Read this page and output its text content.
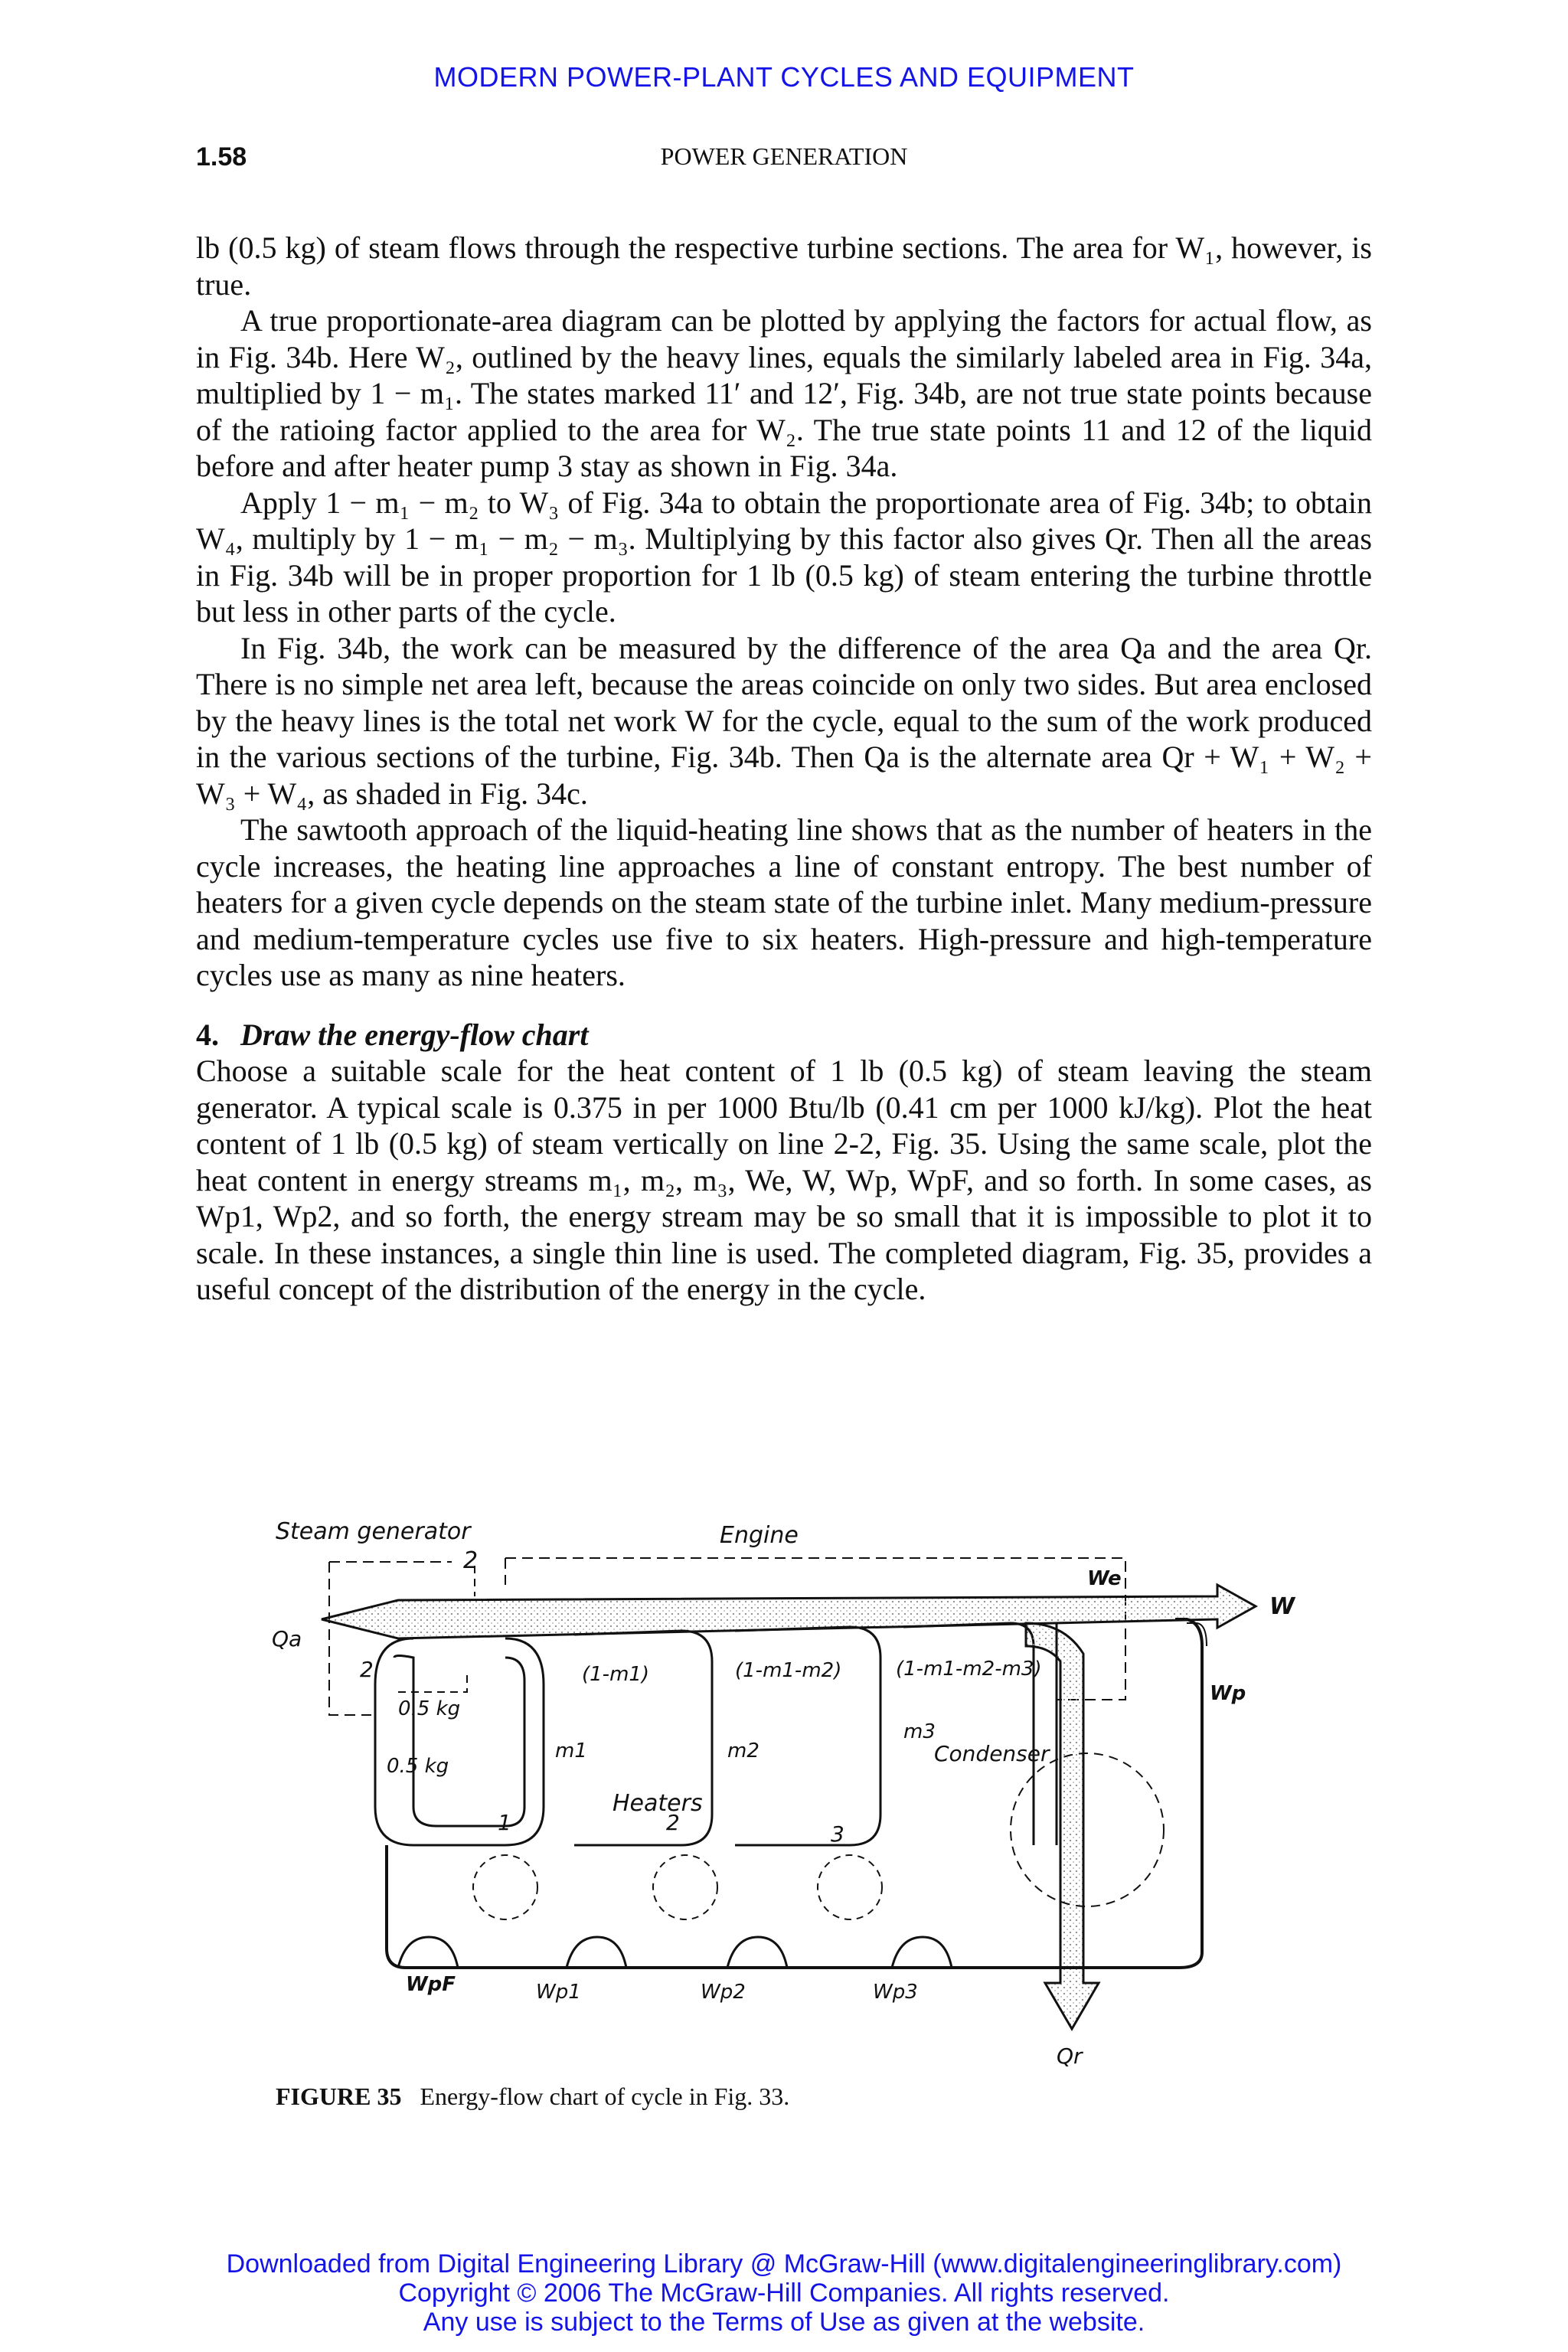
MODERN POWER-PLANT CYCLES AND EQUIPMENT
1.58	POWER GENERATION

lb (0.5 kg) of steam flows through the respective turbine sections. The area for W₁, however, is true.

A true proportionate-area diagram can be plotted by applying the factors for actual flow, as in Fig. 34b. Here W₂, outlined by the heavy lines, equals the similarly labeled area in Fig. 34a, multiplied by 1 − m₁. The states marked 11′ and 12′, Fig. 34b, are not true state points because of the ratioing factor applied to the area for W₂. The true state points 11 and 12 of the liquid before and after heater pump 3 stay as shown in Fig. 34a.

Apply 1 − m₁ − m₂ to W₃ of Fig. 34a to obtain the proportionate area of Fig. 34b; to obtain W₄, multiply by 1 − m₁ − m₂ − m₃. Multiplying by this factor also gives Qr. Then all the areas in Fig. 34b will be in proper proportion for 1 lb (0.5 kg) of steam entering the turbine throttle but less in other parts of the cycle.

In Fig. 34b, the work can be measured by the difference of the area Qa and the area Qr. There is no simple net area left, because the areas coincide on only two sides. But area enclosed by the heavy lines is the total net work W for the cycle, equal to the sum of the work produced in the various sections of the turbine, Fig. 34b. Then Qa is the alternate area Qr + W₁ + W₂ + W₃ + W₄, as shaded in Fig. 34c.

The sawtooth approach of the liquid-heating line shows that as the number of heaters in the cycle increases, the heating line approaches a line of constant entropy. The best number of heaters for a given cycle depends on the steam state of the turbine inlet. Many medium-pressure and medium-temperature cycles use five to six heaters. High-pressure and high-temperature cycles use as many as nine heaters.

4. Draw the energy-flow chart

Choose a suitable scale for the heat content of 1 lb (0.5 kg) of steam leaving the steam generator. A typical scale is 0.375 in per 1000 Btu/lb (0.41 cm per 1000 kJ/kg). Plot the heat content of 1 lb (0.5 kg) of steam vertically on line 2-2, Fig. 35. Using the same scale, plot the heat content in energy streams m₁, m₂, m₃, We, W, Wp, WpF, and so forth. In some cases, as Wp1, Wp2, and so forth, the energy stream may be so small that it is impossible to plot it to scale. In these instances, a single thin line is used. The completed diagram, Fig. 35, provides a useful concept of the distribution of the energy in the cycle.

Steam generator	Engine
2
2
Qa
We
W
Wp
0.5 kg
0.5 kg
(1-m1)	(1-m1-m2)	(1-m1-m2-m3)
m1	m2
m3
Heaters
1	2	3
Condenser
WpF	Wp1	Wp2	Wp3
Qr
FIGURE 35 Energy-flow chart of cycle in Fig. 33.
Downloaded from Digital Engineering Library @ McGraw-Hill (www.digitalengineeringlibrary.com)
Copyright © 2006 The McGraw-Hill Companies. All rights reserved.
Any use is subject to the Terms of Use as given at the website.
